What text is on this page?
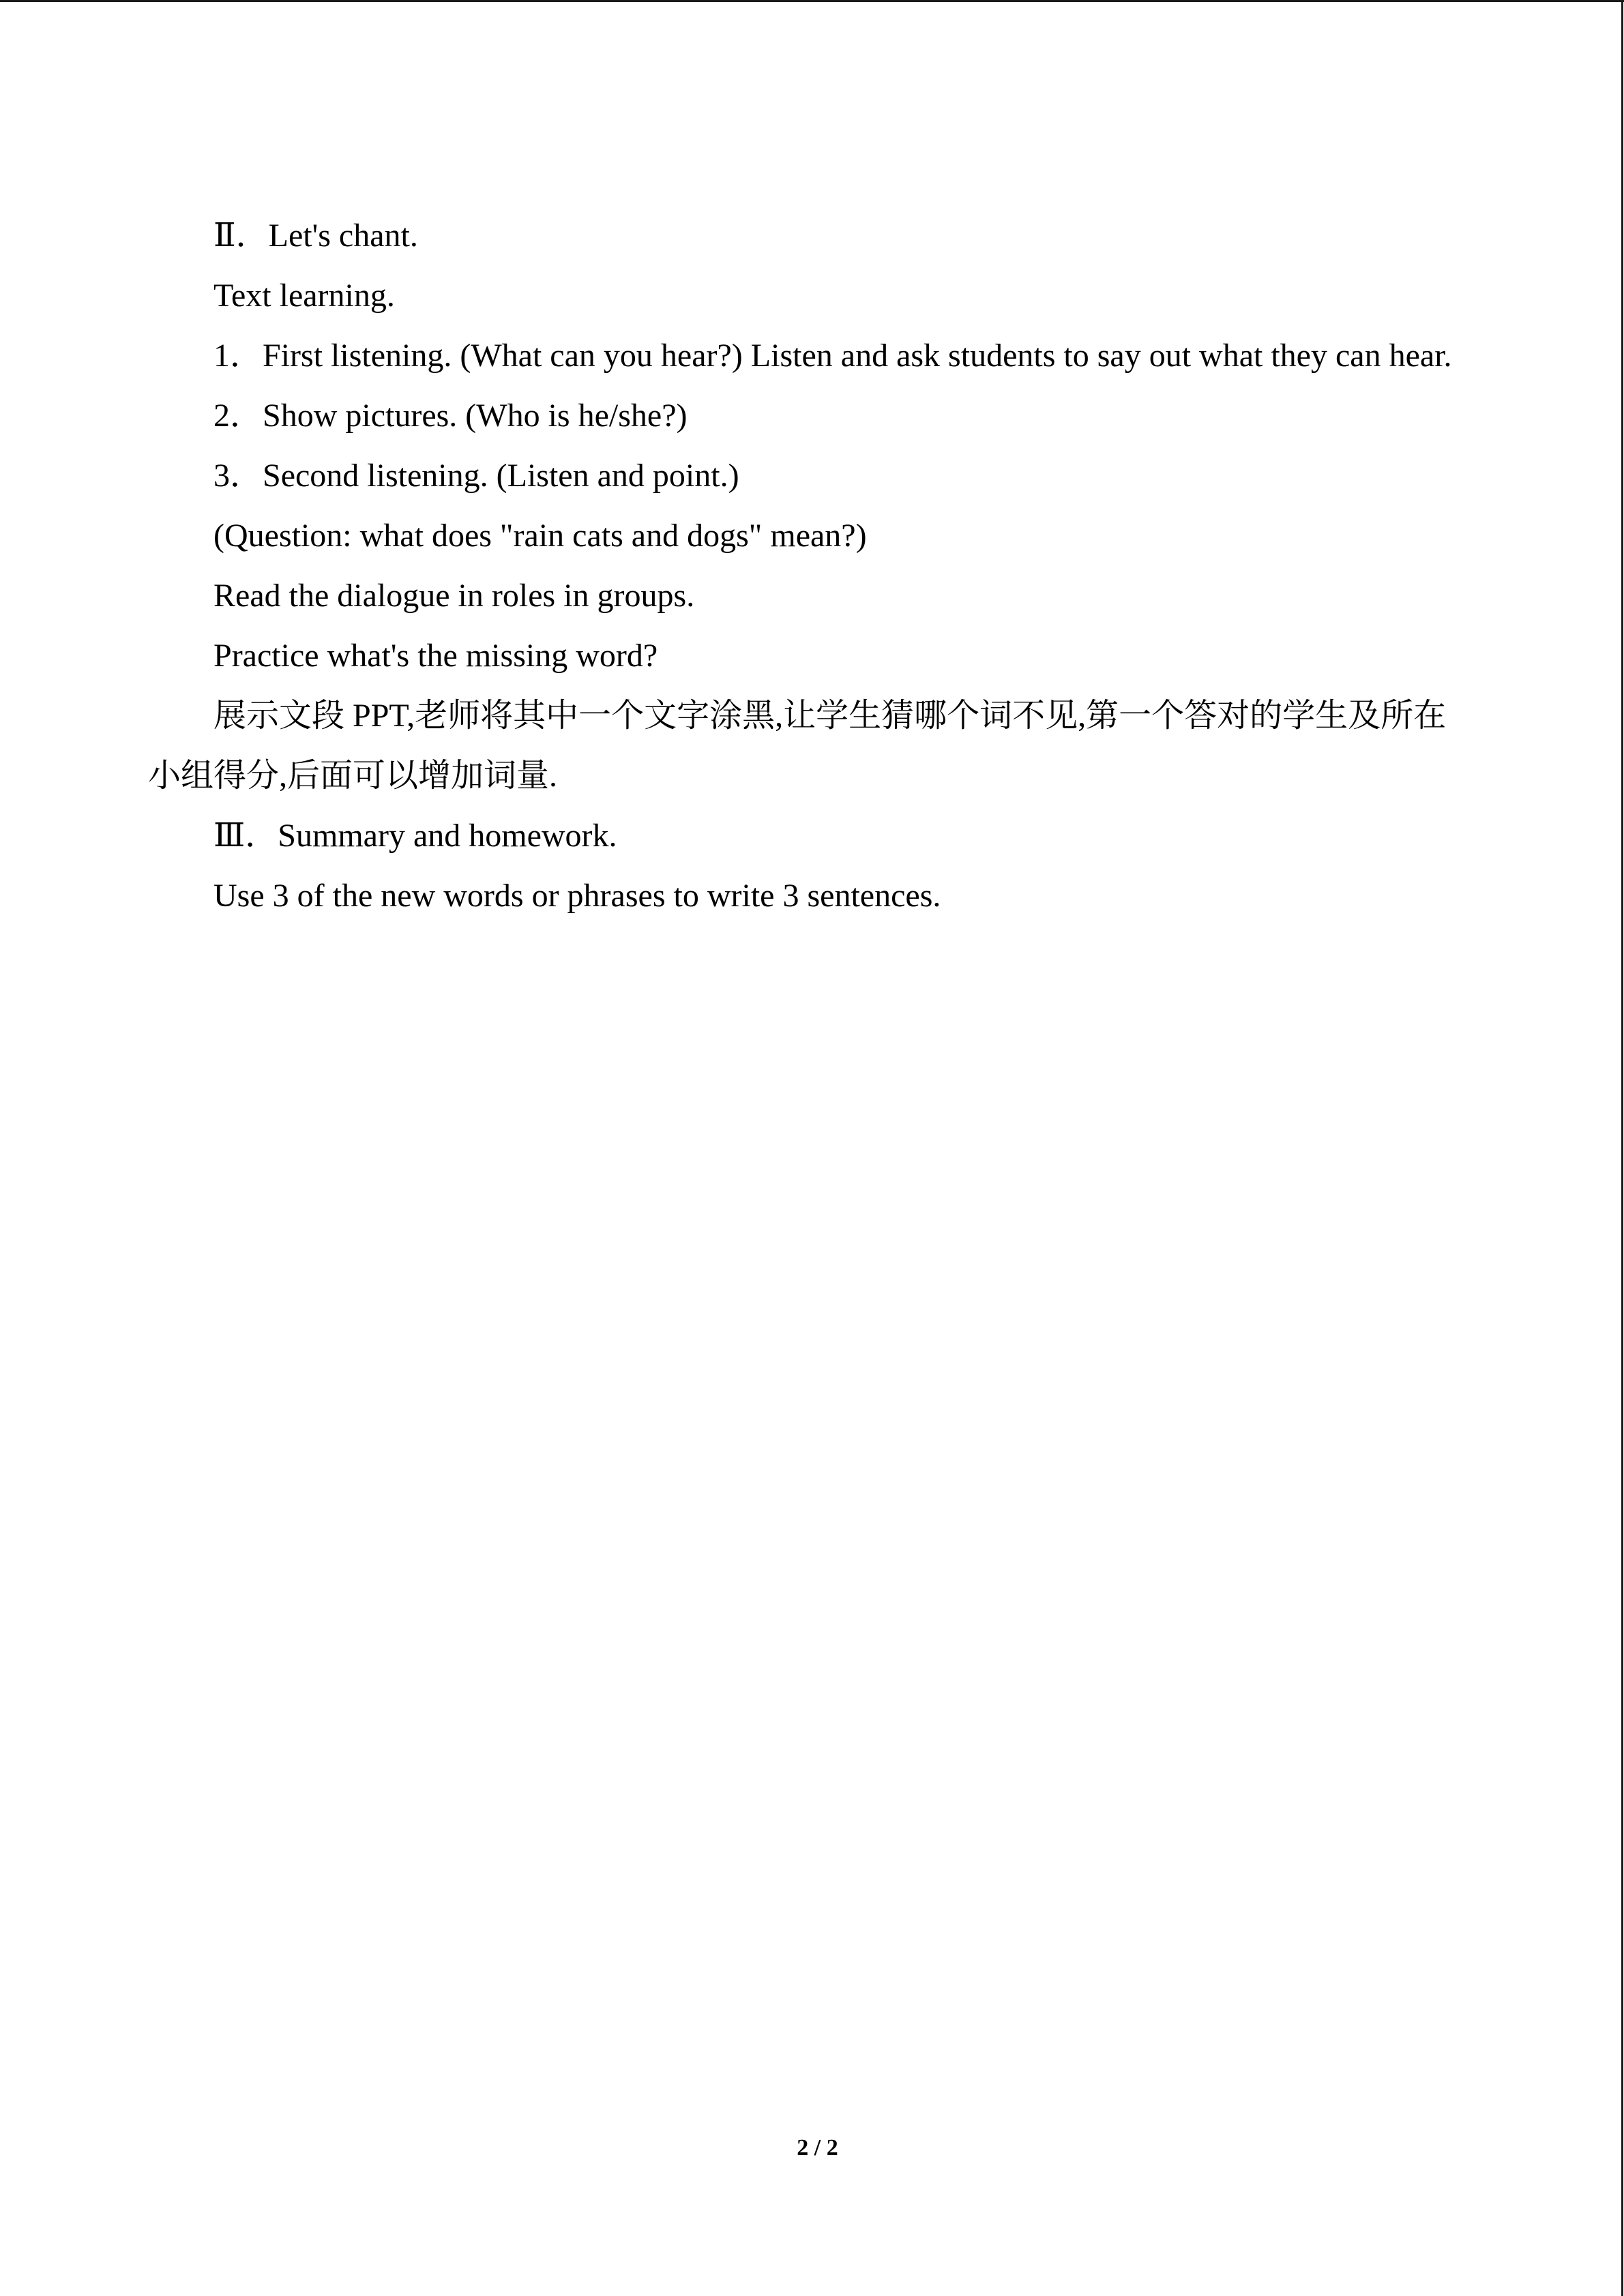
Ⅱ．Let's chant.

Text learning.

1．First listening. (What can you hear?) Listen and ask students to say out what they can hear.

2．Show pictures. (Who is he/she?)

3．Second listening. (Listen and point.)

(Question: what does "rain cats and dogs" mean?)

Read the dialogue in roles in groups.

Practice what's the missing word?

展示文段 PPT,老师将其中一个文字涂黑,让学生猜哪个词不见,第一个答对的学生及所在

小组得分,后面可以增加词量.

Ⅲ．Summary and homework.

Use 3 of the new words or phrases to write 3 sentences.

2 / 2
